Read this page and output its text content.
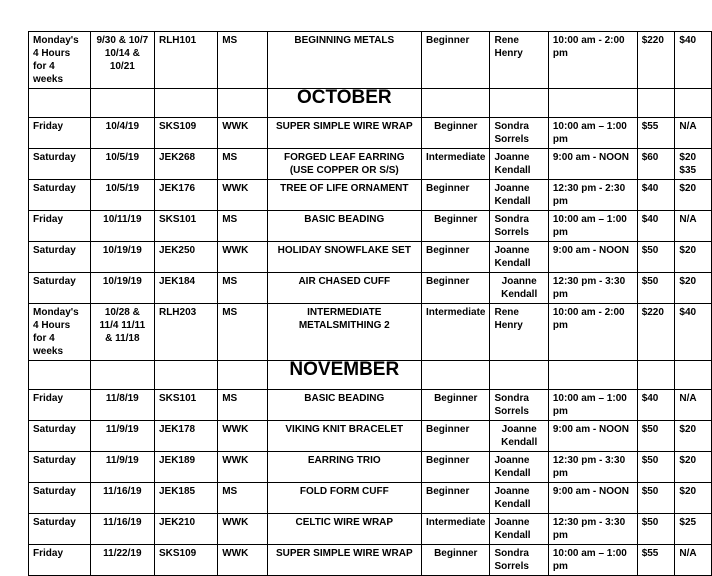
Monday's 4 Hours for 4 weeks	9/30 & 10/7 10/14 & 10/21	RLH101	MS	BEGINNING METALS	Beginner	Rene Henry	10:00 am - 2:00 pm	$220	$40
				OCTOBER					
Friday	10/4/19	SKS109	WWK	SUPER SIMPLE WIRE WRAP	Beginner	Sondra Sorrels	10:00 am – 1:00 pm	$55	N/A
Saturday	10/5/19	JEK268	MS	FORGED LEAF EARRING (USE COPPER OR S/S)	Intermediate	Joanne Kendall	9:00 am - NOON	$60	$20 $35
Saturday	10/5/19	JEK176	WWK	TREE OF LIFE ORNAMENT	Beginner	Joanne Kendall	12:30 pm - 2:30 pm	$40	$20
Friday	10/11/19	SKS101	MS	BASIC BEADING	Beginner	Sondra Sorrels	10:00 am – 1:00 pm	$40	N/A
Saturday	10/19/19	JEK250	WWK	HOLIDAY SNOWFLAKE SET	Beginner	Joanne Kendall	9:00 am - NOON	$50	$20
Saturday	10/19/19	JEK184	MS	AIR CHASED CUFF	Beginner	Joanne Kendall	12:30 pm - 3:30 pm	$50	$20
Monday's 4 Hours for 4 weeks	10/28 & 11/4 11/11 & 11/18	RLH203	MS	INTERMEDIATE METALSMITHING 2	Intermediate	Rene Henry	10:00 am - 2:00 pm	$220	$40
				NOVEMBER					
Friday	11/8/19	SKS101	MS	BASIC BEADING	Beginner	Sondra Sorrels	10:00 am – 1:00 pm	$40	N/A
Saturday	11/9/19	JEK178	WWK	VIKING KNIT BRACELET	Beginner	Joanne Kendall	9:00 am - NOON	$50	$20
Saturday	11/9/19	JEK189	WWK	EARRING TRIO	Beginner	Joanne Kendall	12:30 pm - 3:30 pm	$50	$20
Saturday	11/16/19	JEK185	MS	FOLD FORM CUFF	Beginner	Joanne Kendall	9:00 am - NOON	$50	$20
Saturday	11/16/19	JEK210	WWK	CELTIC WIRE WRAP	Intermediate	Joanne Kendall	12:30 pm - 3:30 pm	$50	$25
Friday	11/22/19	SKS109	WWK	SUPER SIMPLE WIRE WRAP	Beginner	Sondra Sorrels	10:00 am – 1:00 pm	$55	N/A
